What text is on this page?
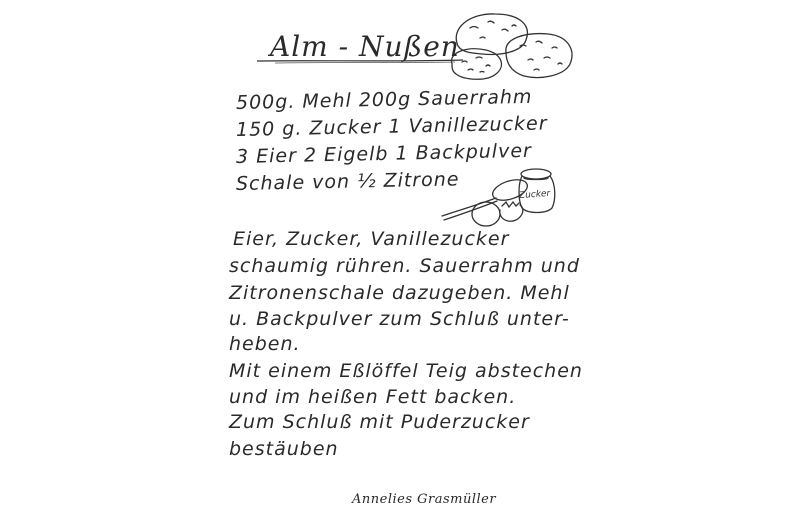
Alm - Nußen
500g. Mehl 200g Sauerrahm
150 g. Zucker 1 Vanillezucker
3 Eier 2 Eigelb 1 Backpulver
Schale von ½ Zitrone
Zucker
Eier, Zucker, Vanillezucker
schaumig rühren. Sauerrahm und
Zitronenschale dazugeben. Mehl
u. Backpulver zum Schluß unter-
heben.
Mit einem Eßlöffel Teig abstechen
und im heißen Fett backen.
Zum Schluß mit Puderzucker
bestäuben
Annelies Grasmüller
